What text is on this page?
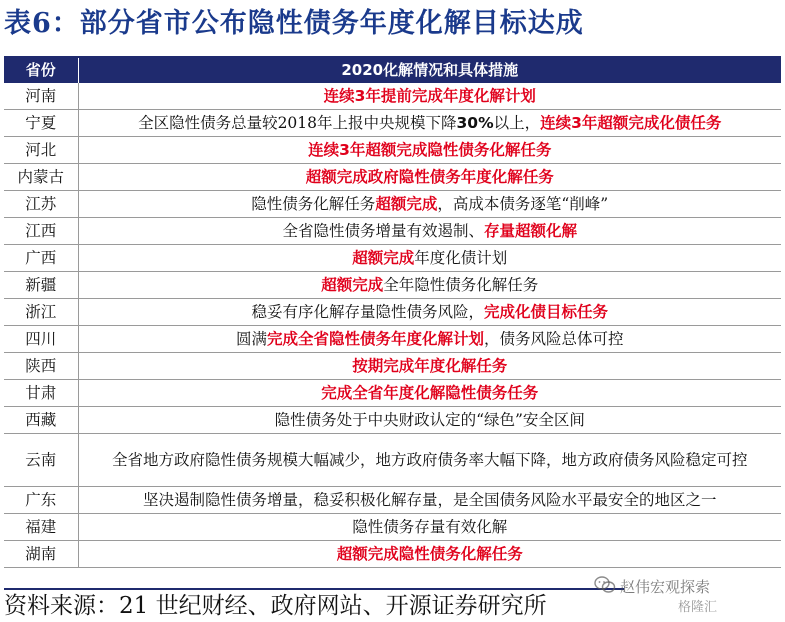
表6：部分省市公布隐性债务年度化解目标达成
省份	2020化解情况和具体措施
河南	连续3年提前完成年度化解计划
宁夏	全区隐性债务总量较2018年上报中央规模下降30%以上，连续3年超额完成化债任务
河北	连续3年超额完成隐性债务化解任务
内蒙古	超额完成政府隐性债务年度化解任务
江苏	隐性债务化解任务超额完成，高成本债务逐笔“削峰”
江西	全省隐性债务增量有效遏制、存量超额化解
广西	超额完成年度化债计划
新疆	超额完成全年隐性债务化解任务
浙江	稳妥有序化解存量隐性债务风险，完成化债目标任务
四川	圆满完成全省隐性债务年度化解计划，债务风险总体可控
陕西	按期完成年度化解任务
甘肃	完成全省年度化解隐性债务任务
西藏	隐性债务处于中央财政认定的“绿色”安全区间
云南	全省地方政府隐性债务规模大幅减少，地方政府债务率大幅下降，地方政府债务风险稳定可控
广东	坚决遏制隐性债务增量，稳妥积极化解存量，是全国债务风险水平最安全的地区之一
福建	隐性债务存量有效化解
湖南	超额完成隐性债务化解任务
资料来源：21 世纪财经、政府网站、开源证券研究所
赵伟宏观探索
格隆汇
